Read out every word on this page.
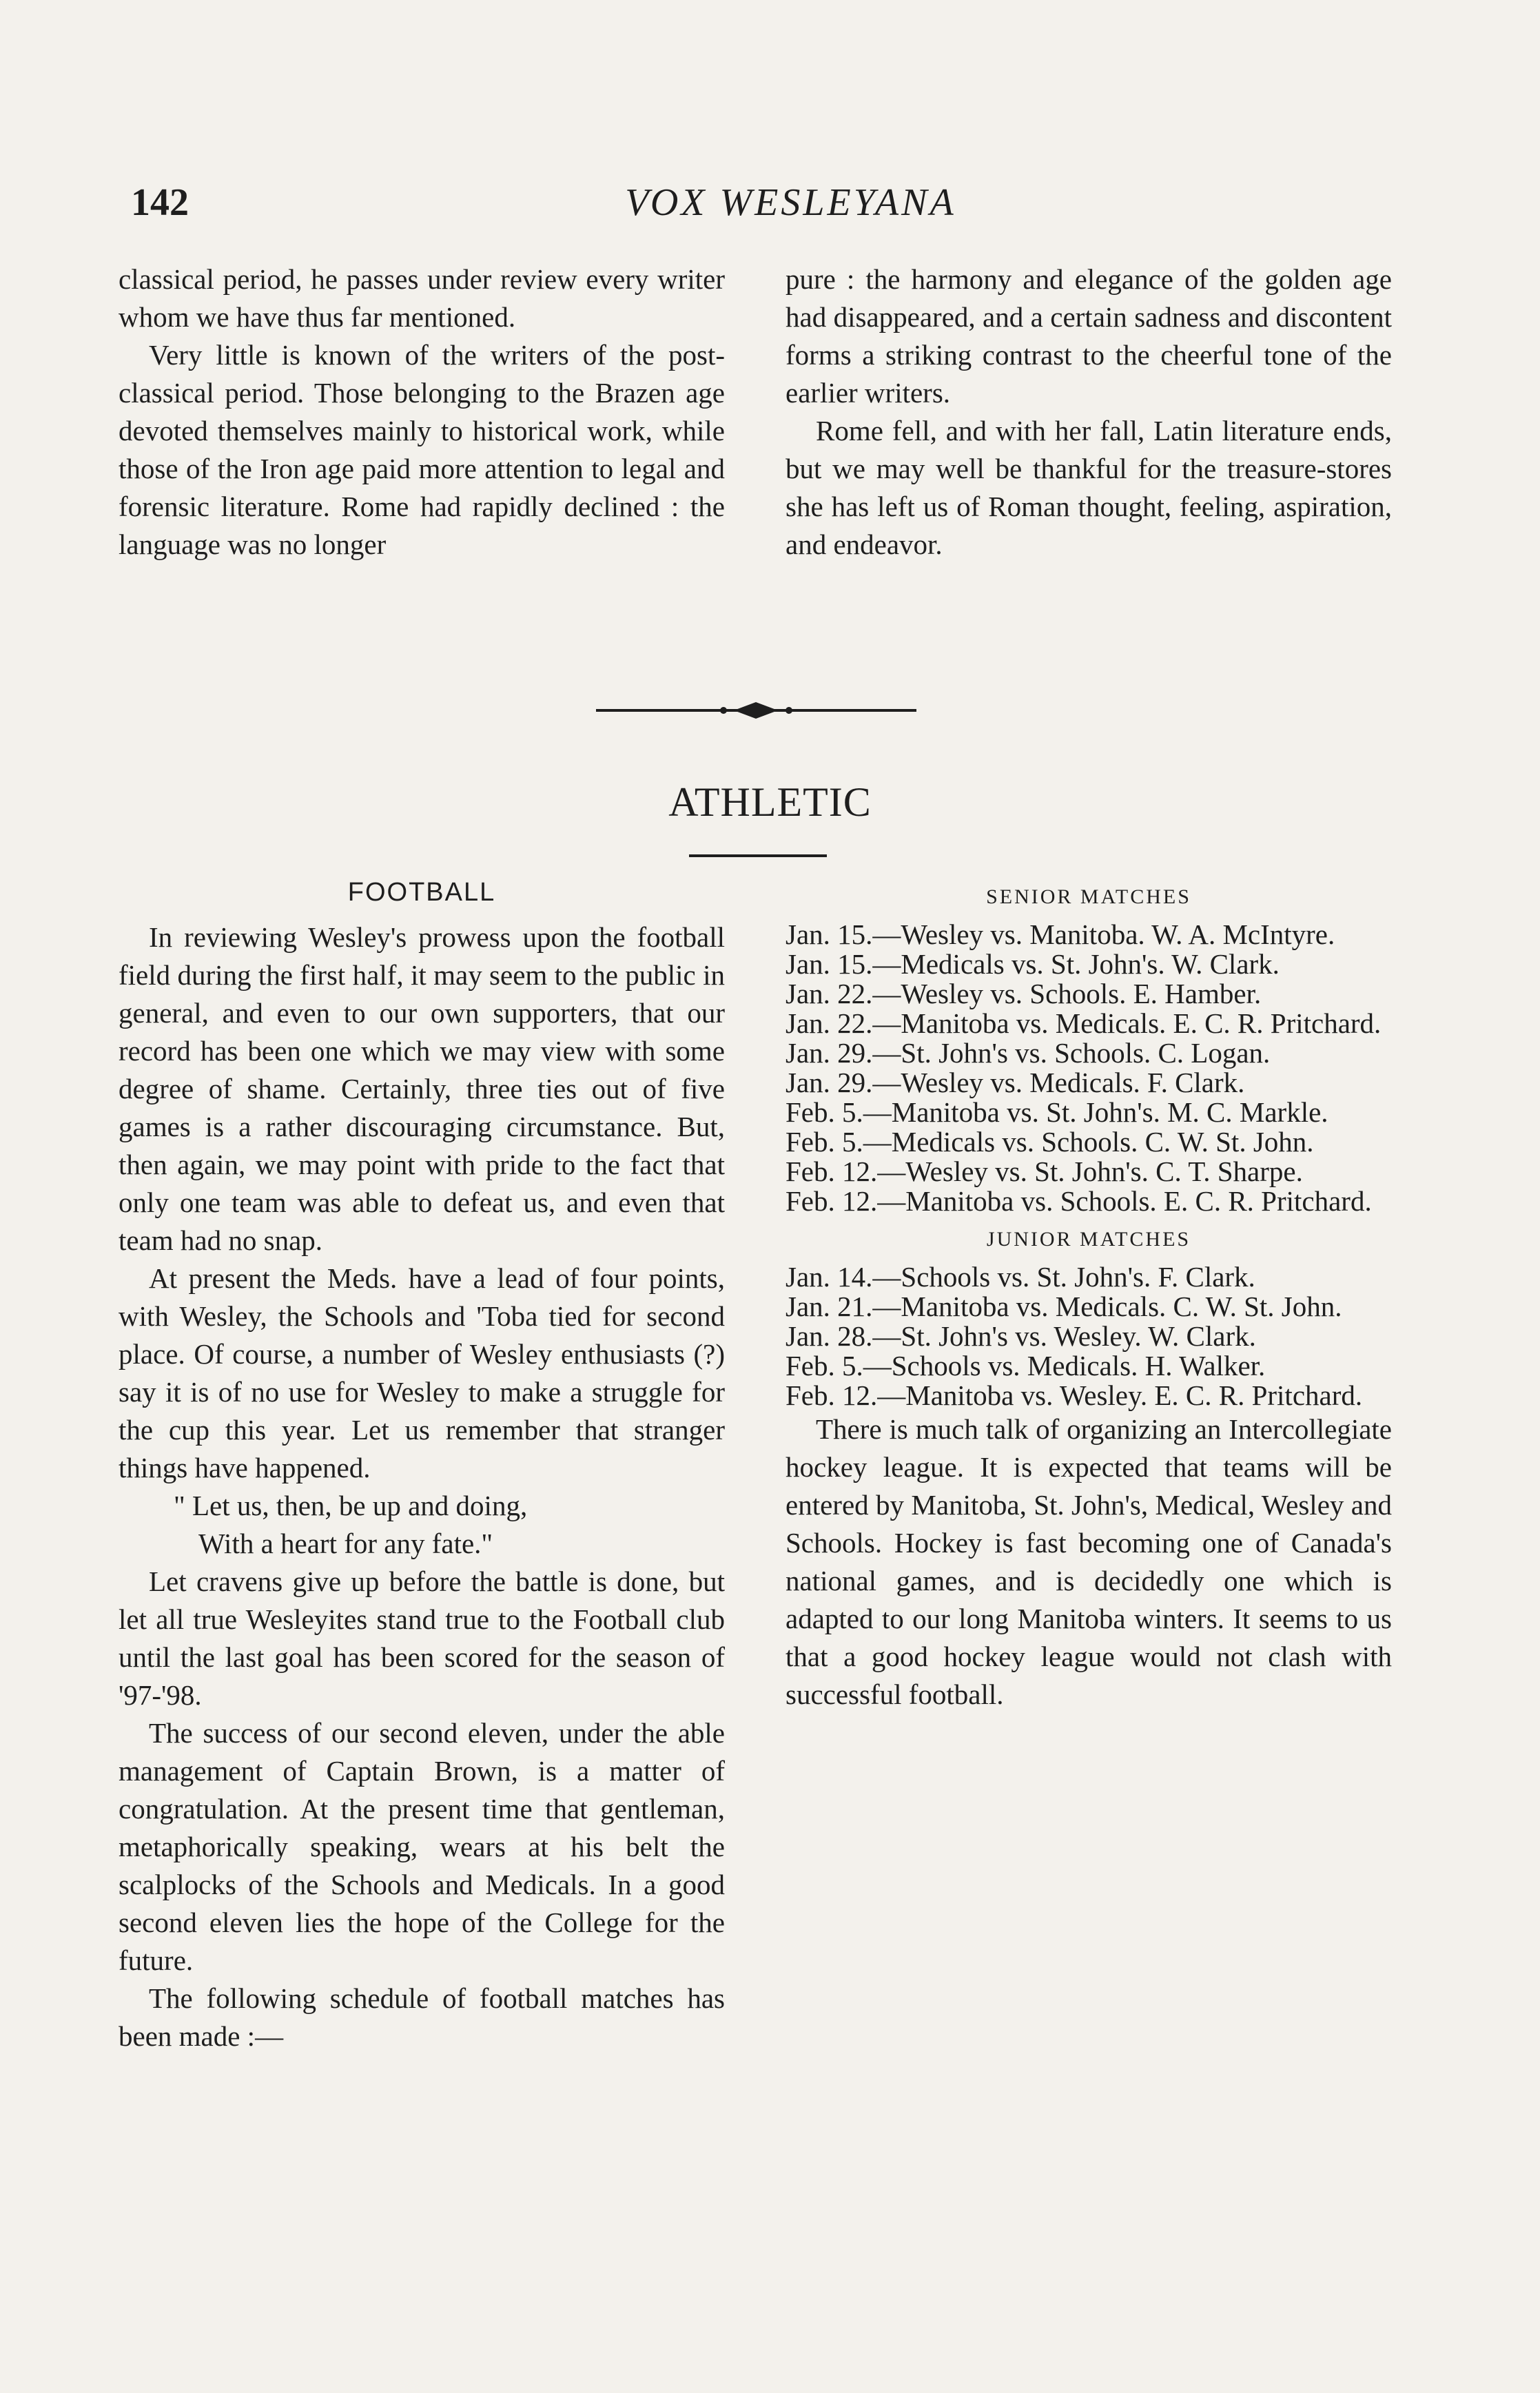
142	VOX WESLEYANA

classical period, he passes under review every writer whom we have thus far mentioned.

Very little is known of the writers of the post-classical period. Those belonging to the Brazen age devoted themselves mainly to historical work, while those of the Iron age paid more attention to legal and forensic literature. Rome had rapidly declined : the language was no longer

pure : the harmony and elegance of the golden age had disappeared, and a certain sadness and discontent forms a striking contrast to the cheerful tone of the earlier writers.

Rome fell, and with her fall, Latin literature ends, but we may well be thankful for the treasure-stores she has left us of Roman thought, feeling, aspiration, and endeavor.

ATHLETIC
FOOTBALL

In reviewing Wesley's prowess upon the football field during the first half, it may seem to the public in general, and even to our own supporters, that our record has been one which we may view with some degree of shame. Certainly, three ties out of five games is a rather discouraging circumstance. But, then again, we may point with pride to the fact that only one team was able to defeat us, and even that team had no snap.

At present the Meds. have a lead of four points, with Wesley, the Schools and 'Toba tied for second place. Of course, a number of Wesley enthusiasts (?) say it is of no use for Wesley to make a struggle for the cup this year. Let us remember that stranger things have happened.

" Let us, then, be up and doing,

With a heart for any fate."

Let cravens give up before the battle is done, but let all true Wesleyites stand true to the Football club until the last goal has been scored for the season of '97-'98.

The success of our second eleven, under the able management of Captain Brown, is a matter of congratulation. At the present time that gentleman, metaphorically speaking, wears at his belt the scalplocks of the Schools and Medicals. In a good second eleven lies the hope of the College for the future.

The following schedule of football matches has been made :—

SENIOR MATCHES

Jan. 15.—Wesley vs. Manitoba. W. A. McIntyre.

Jan. 15.—Medicals vs. St. John's. W. Clark.

Jan. 22.—Wesley vs. Schools. E. Hamber.

Jan. 22.—Manitoba vs. Medicals. E. C. R. Pritchard.

Jan. 29.—St. John's vs. Schools. C. Logan.

Jan. 29.—Wesley vs. Medicals. F. Clark.

Feb. 5.—Manitoba vs. St. John's. M. C. Markle.

Feb. 5.—Medicals vs. Schools. C. W. St. John.

Feb. 12.—Wesley vs. St. John's. C. T. Sharpe.

Feb. 12.—Manitoba vs. Schools. E. C. R. Pritchard.

JUNIOR MATCHES

Jan. 14.—Schools vs. St. John's. F. Clark.

Jan. 21.—Manitoba vs. Medicals. C. W. St. John.

Jan. 28.—St. John's vs. Wesley. W. Clark.

Feb. 5.—Schools vs. Medicals. H. Walker.

Feb. 12.—Manitoba vs. Wesley. E. C. R. Pritchard.

There is much talk of organizing an Intercollegiate hockey league. It is expected that teams will be entered by Manitoba, St. John's, Medical, Wesley and Schools. Hockey is fast becoming one of Canada's national games, and is decidedly one which is adapted to our long Manitoba winters. It seems to us that a good hockey league would not clash with successful football.
